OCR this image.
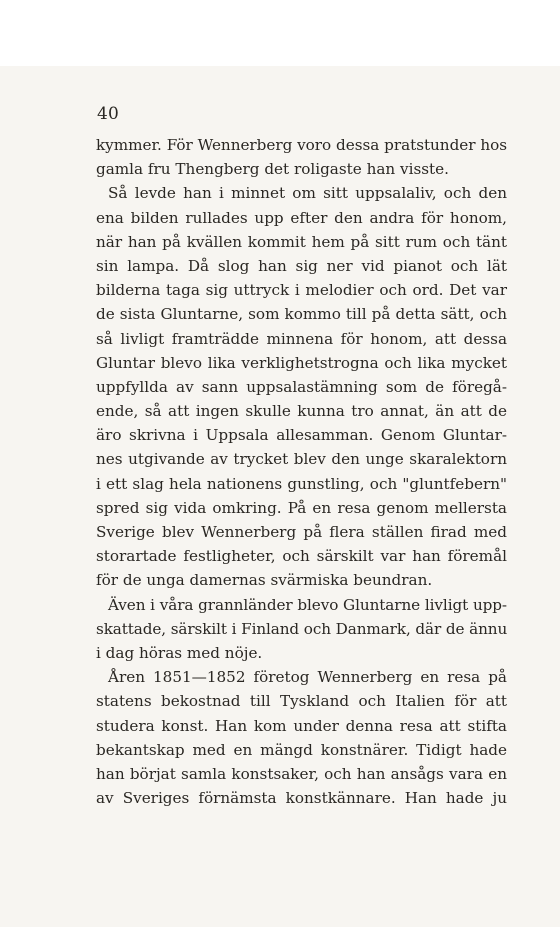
40
kymmer. För Wennerberg voro dessa pratstunder hos
gamla fru Thengberg det roligaste han visste.
Så levde han i minnet om sitt uppsalaliv, och den
ena bilden rullades upp efter den andra för honom,
när han på kvällen kommit hem på sitt rum och tänt
sin lampa. Då slog han sig ner vid pianot och lät
bilderna taga sig uttryck i melodier och ord. Det var
de sista Gluntarne, som kommo till på detta sätt, och
så livligt framträdde minnena för honom, att dessa
Gluntar blevo lika verklighetstrogna och lika mycket
uppfyllda av sann uppsalastämning som de föregå-
ende, så att ingen skulle kunna tro annat, än att de
äro skrivna i Uppsala allesamman. Genom Gluntar-
nes utgivande av trycket blev den unge skaralektorn
i ett slag hela nationens gunstling, och "gluntfebern"
spred sig vida omkring. På en resa genom mellersta
Sverige blev Wennerberg på flera ställen firad med
storartade festligheter, och särskilt var han föremål
för de unga damernas svärmiska beundran.
Även i våra grannländer blevo Gluntarne livligt upp-
skattade, särskilt i Finland och Danmark, där de ännu
i dag höras med nöje.
Åren 1851—1852 företog Wennerberg en resa på
statens bekostnad till Tyskland och Italien för att
studera konst. Han kom under denna resa att stifta
bekantskap med en mängd konstnärer. Tidigt hade
han börjat samla konstsaker, och han ansågs vara en
av Sveriges förnämsta konstkännare. Han hade ju
